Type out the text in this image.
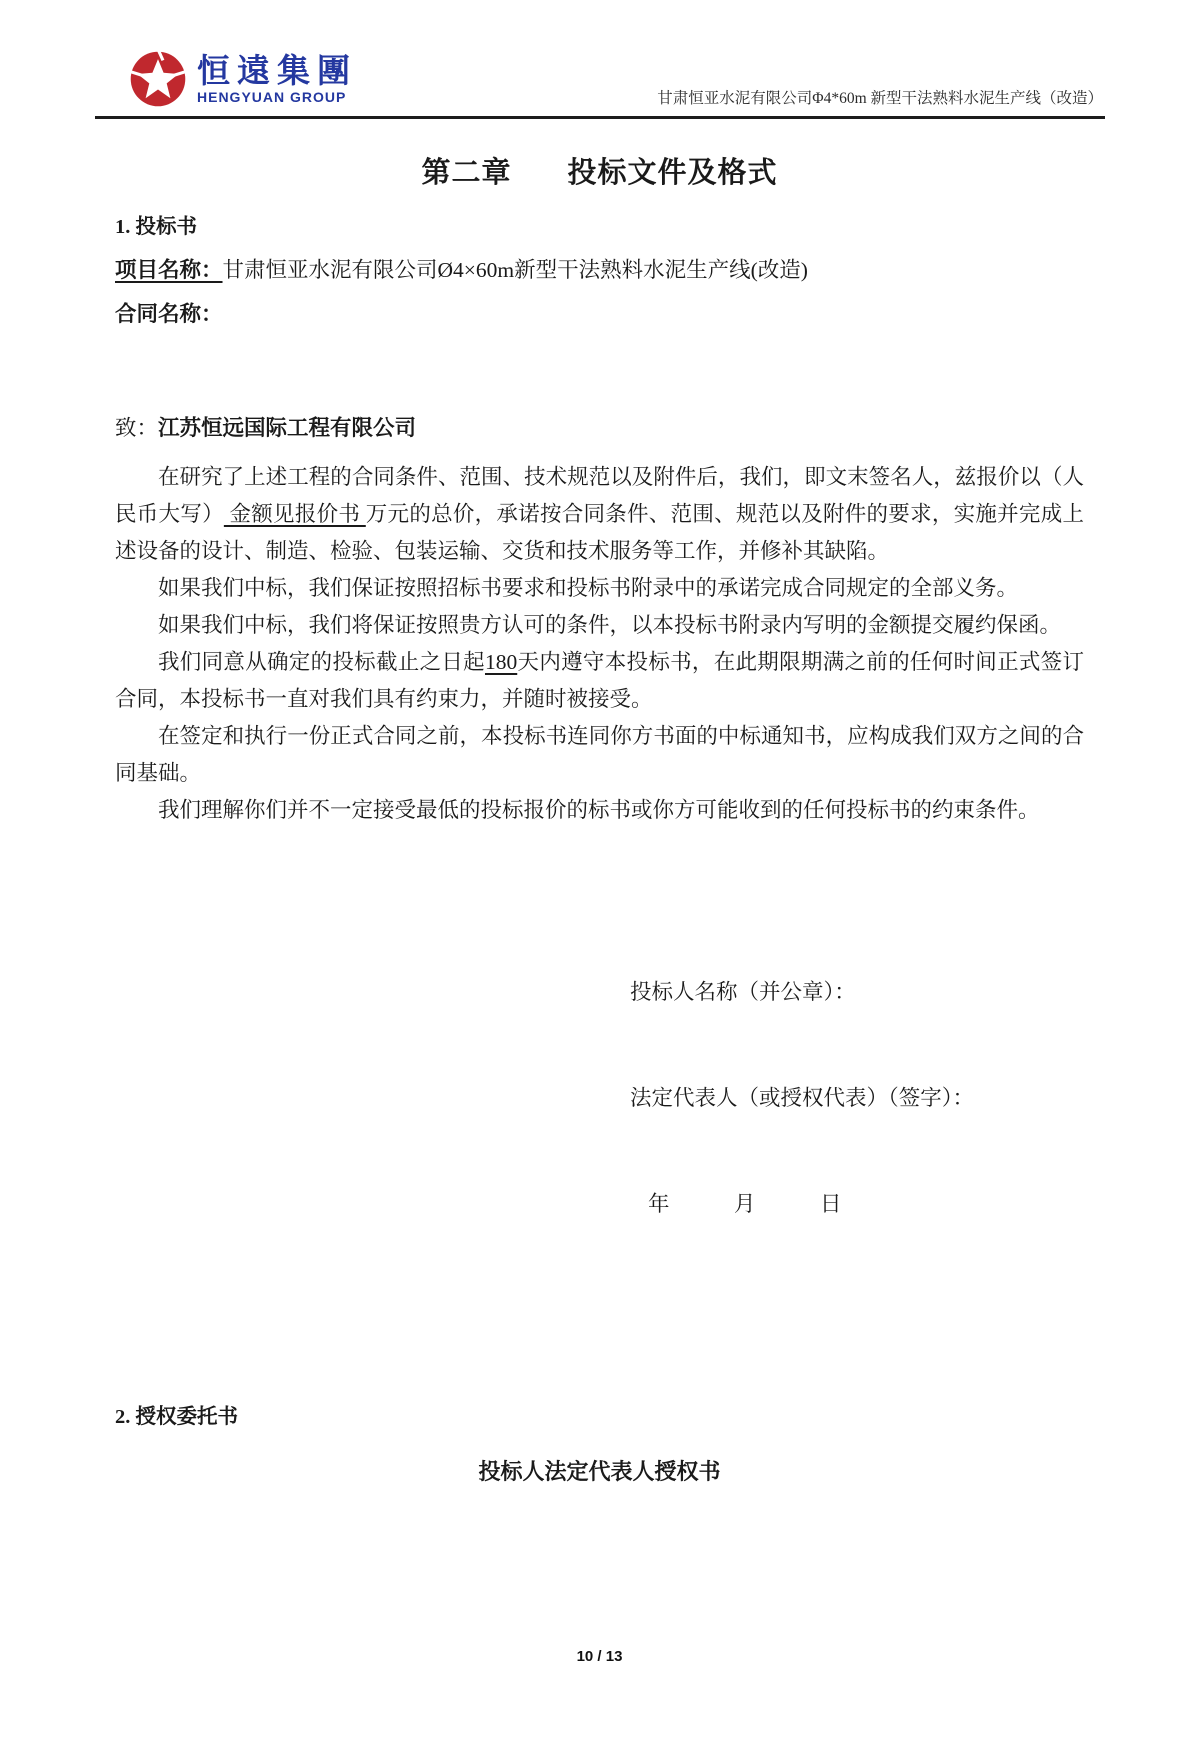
恒遠集團
HENGYUAN GROUP	甘肃恒亚水泥有限公司Φ4*60m 新型干法熟料水泥生产线（改造）
第二章 投标文件及格式

1. 投标书

项目名称：甘肃恒亚水泥有限公司Ø4×60m新型干法熟料水泥生产线(改造)

合同名称：

致：江苏恒远国际工程有限公司

在研究了上述工程的合同条件、范围、技术规范以及附件后，我们，即文末签名人，兹报价以（人民币大写） 金额见报价书 万元的总价，承诺按合同条件、范围、规范以及附件的要求，实施并完成上述设备的设计、制造、检验、包装运输、交货和技术服务等工作，并修补其缺陷。

如果我们中标，我们保证按照招标书要求和投标书附录中的承诺完成合同规定的全部义务。

如果我们中标，我们将保证按照贵方认可的条件，以本投标书附录内写明的金额提交履约保函。

我们同意从确定的投标截止之日起180天内遵守本投标书，在此期限期满之前的任何时间正式签订合同，本投标书一直对我们具有约束力，并随时被接受。

在签定和执行一份正式合同之前，本投标书连同你方书面的中标通知书，应构成我们双方之间的合同基础。

我们理解你们并不一定接受最低的投标报价的标书或你方可能收到的任何投标书的约束条件。

投标人名称（并公章）：

法定代表人（或授权代表）（签字）：

年　　　月　　　日

2. 授权委托书

投标人法定代表人授权书

10 / 13
